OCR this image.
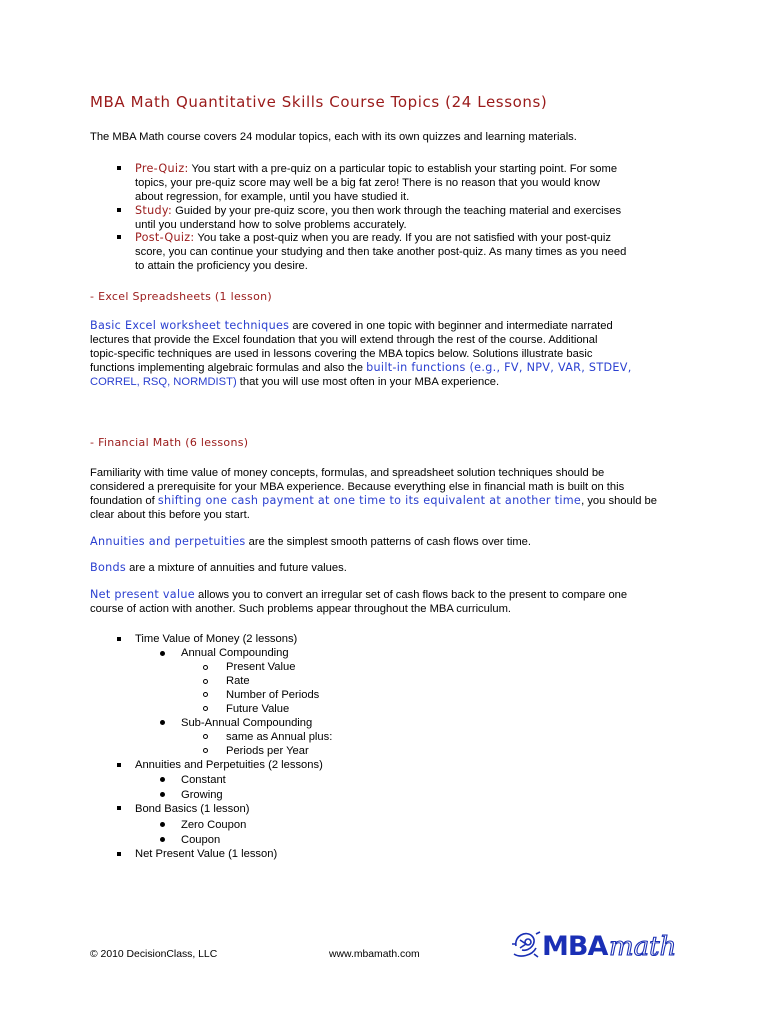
MBA Math Quantitative Skills Course Topics (24 Lessons)

The MBA Math course covers 24 modular topics, each with its own quizzes and learning materials.

Pre-Quiz: You start with a pre-quiz on a particular topic to establish your starting point. For some
topics, your pre-quiz score may well be a big fat zero! There is no reason that you would know
about regression, for example, until you have studied it.
Study: Guided by your pre-quiz score, you then work through the teaching material and exercises
until you understand how to solve problems accurately.
Post-Quiz: You take a post-quiz when you are ready. If you are not satisfied with your post-quiz
score, you can continue your studying and then take another post-quiz. As many times as you need
to attain the proficiency you desire.

- Excel Spreadsheets (1 lesson)

Basic Excel worksheet techniques are covered in one topic with beginner and intermediate narrated
lectures that provide the Excel foundation that you will extend through the rest of the course. Additional
topic-specific techniques are used in lessons covering the MBA topics below. Solutions illustrate basic
functions implementing algebraic formulas and also the built-in functions (e.g., FV, NPV, VAR, STDEV,
CORREL, RSQ, NORMDIST) that you will use most often in your MBA experience.

- Financial Math (6 lessons)

Familiarity with time value of money concepts, formulas, and spreadsheet solution techniques should be
considered a prerequisite for your MBA experience. Because everything else in financial math is built on this
foundation of shifting one cash payment at one time to its equivalent at another time, you should be
clear about this before you start.

Annuities and perpetuities are the simplest smooth patterns of cash flows over time.

Bonds are a mixture of annuities and future values.

Net present value allows you to convert an irregular set of cash flows back to the present to compare one
course of action with another. Such problems appear throughout the MBA curriculum.

Time Value of Money (2 lessons)
Annual Compounding
Present Value
Rate
Number of Periods
Future Value
Sub-Annual Compounding
same as Annual plus:
Periods per Year
Annuities and Perpetuities (2 lessons)
Constant
Growing
Bond Basics (1 lesson)
Zero Coupon
Coupon
Net Present Value (1 lesson)
© 2010 DecisionClass, LLC	www.mbamath.com	MBA math
